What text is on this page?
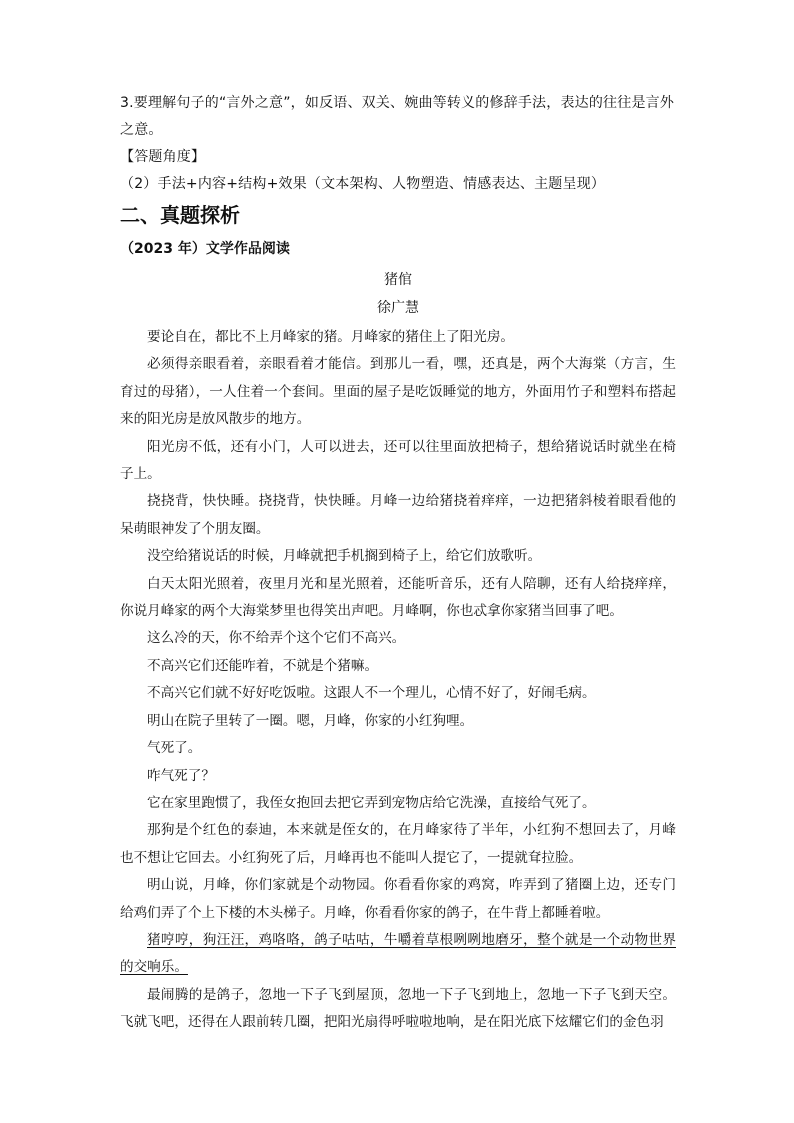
3.要理解句子的“言外之意”，如反语、双关、婉曲等转义的修辞手法，表达的往往是言外
之意。
【答题角度】
（2）手法+内容+结构+效果（文本架构、人物塑造、情感表达、主题呈现）
二、真题探析
（2023 年）文学作品阅读
猪倌
徐广慧

要论自在，都比不上月峰家的猪。月峰家的猪住上了阳光房。

必须得亲眼看着，亲眼看着才能信。到那儿一看，嘿，还真是，两个大海棠（方言，生育过的母猪），一人住着一个套间。里面的屋子是吃饭睡觉的地方，外面用竹子和塑料布搭起来的阳光房是放风散步的地方。

阳光房不低，还有小门，人可以进去，还可以往里面放把椅子，想给猪说话时就坐在椅子上。

挠挠背，快快睡。挠挠背，快快睡。月峰一边给猪挠着痒痒，一边把猪斜棱着眼看他的呆萌眼神发了个朋友圈。

没空给猪说话的时候，月峰就把手机搁到椅子上，给它们放歌听。

白天太阳光照着，夜里月光和星光照着，还能听音乐，还有人陪聊，还有人给挠痒痒，你说月峰家的两个大海棠梦里也得笑出声吧。月峰啊，你也忒拿你家猪当回事了吧。

这么冷的天，你不给弄个这个它们不高兴。

不高兴它们还能咋着，不就是个猪嘛。

不高兴它们就不好好吃饭啦。这跟人不一个理儿，心情不好了，好闹毛病。

明山在院子里转了一圈。嗯，月峰，你家的小红狗哩。

气死了。

咋气死了？

它在家里跑惯了，我侄女抱回去把它弄到宠物店给它洗澡，直接给气死了。

那狗是个红色的泰迪，本来就是侄女的，在月峰家待了半年，小红狗不想回去了，月峰也不想让它回去。小红狗死了后，月峰再也不能叫人提它了，一提就耷拉脸。

明山说，月峰，你们家就是个动物园。你看看你家的鸡窝，咋弄到了猪圈上边，还专门给鸡们弄了个上下楼的木头梯子。月峰，你看看你家的鸽子，在牛背上都睡着啦。

猪哼哼，狗汪汪，鸡咯咯，鸽子咕咕，牛嚼着草根咧咧地磨牙，整个就是一个动物世界的交响乐。

最闹腾的是鸽子，忽地一下子飞到屋顶，忽地一下子飞到地上，忽地一下子飞到天空。飞就飞吧，还得在人跟前转几圈，把阳光扇得呼啦啦地响，是在阳光底下炫耀它们的金色羽
